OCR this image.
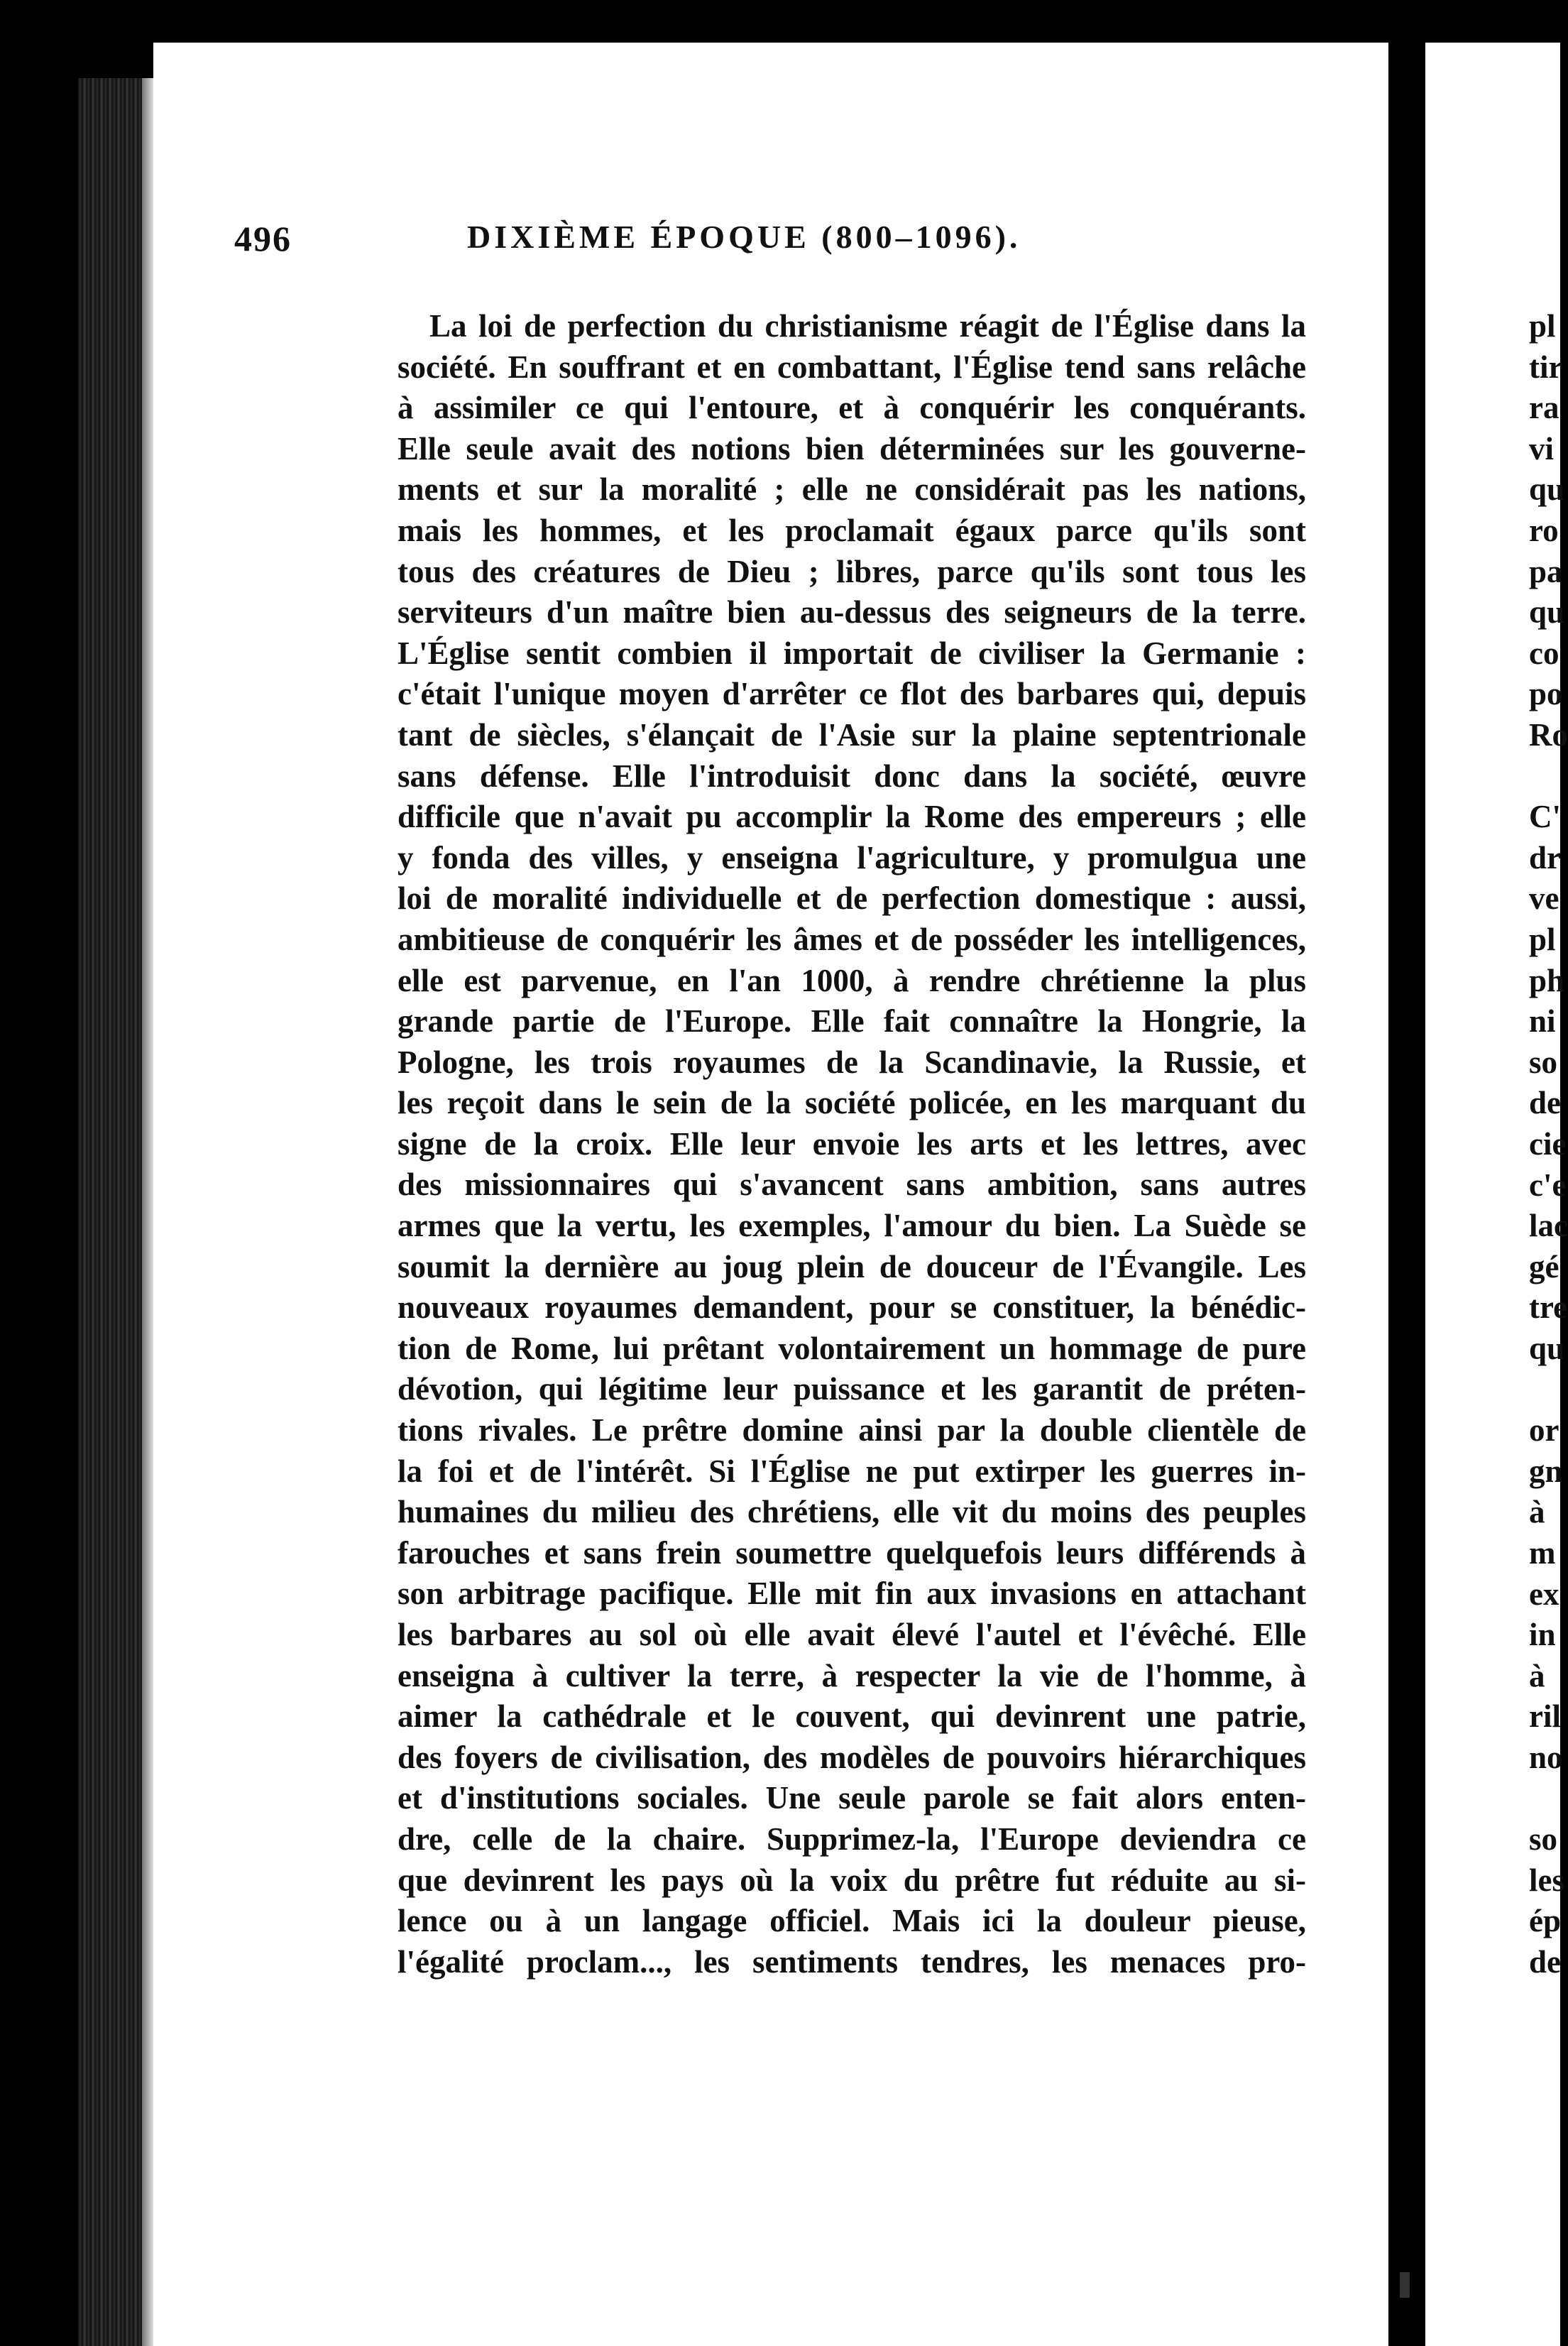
496	DIXIÈME ÉPOQUE (800–1096).
La loi de perfection du christianisme réagit de l'Église dans la
société. En souffrant et en combattant, l'Église tend sans relâche
à assimiler ce qui l'entoure, et à conquérir les conquérants.
Elle seule avait des notions bien déterminées sur les gouverne-
ments et sur la moralité ; elle ne considérait pas les nations,
mais les hommes, et les proclamait égaux parce qu'ils sont
tous des créatures de Dieu ; libres, parce qu'ils sont tous les
serviteurs d'un maître bien au-dessus des seigneurs de la terre.
L'Église sentit combien il importait de civiliser la Germanie :
c'était l'unique moyen d'arrêter ce flot des barbares qui, depuis
tant de siècles, s'élançait de l'Asie sur la plaine septentrionale
sans défense. Elle l'introduisit donc dans la société, œuvre
difficile que n'avait pu accomplir la Rome des empereurs ; elle
y fonda des villes, y enseigna l'agriculture, y promulgua une
loi de moralité individuelle et de perfection domestique : aussi,
ambitieuse de conquérir les âmes et de posséder les intelligences,
elle est parvenue, en l'an 1000, à rendre chrétienne la plus
grande partie de l'Europe. Elle fait connaître la Hongrie, la
Pologne, les trois royaumes de la Scandinavie, la Russie, et
les reçoit dans le sein de la société policée, en les marquant du
signe de la croix. Elle leur envoie les arts et les lettres, avec
des missionnaires qui s'avancent sans ambition, sans autres
armes que la vertu, les exemples, l'amour du bien. La Suède se
soumit la dernière au joug plein de douceur de l'Évangile. Les
nouveaux royaumes demandent, pour se constituer, la bénédic-
tion de Rome, lui prêtant volontairement un hommage de pure
dévotion, qui légitime leur puissance et les garantit de préten-
tions rivales. Le prêtre domine ainsi par la double clientèle de
la foi et de l'intérêt. Si l'Église ne put extirper les guerres in-
humaines du milieu des chrétiens, elle vit du moins des peuples
farouches et sans frein soumettre quelquefois leurs différends à
son arbitrage pacifique. Elle mit fin aux invasions en attachant
les barbares au sol où elle avait élevé l'autel et l'évêché. Elle
enseigna à cultiver la terre, à respecter la vie de l'homme, à
aimer la cathédrale et le couvent, qui devinrent une patrie,
des foyers de civilisation, des modèles de pouvoirs hiérarchiques
et d'institutions sociales. Une seule parole se fait alors enten-
dre, celle de la chaire. Supprimez-la, l'Europe deviendra ce
que devinrent les pays où la voix du prêtre fut réduite au si-
lence ou à un langage officiel. Mais ici la douleur pieuse,
l'égalité proclam..., les sentiments tendres, les menaces pro-
pl
tir
ra
vi
qu
ro
pa
qu
co
po
Ro
C'
dr
ve
pl
ph
ni
so
de
cie
c'e
lac
gé
tre
qu
or
gn
à
m
ex
in
à
ril
no
so
les
ép
de
